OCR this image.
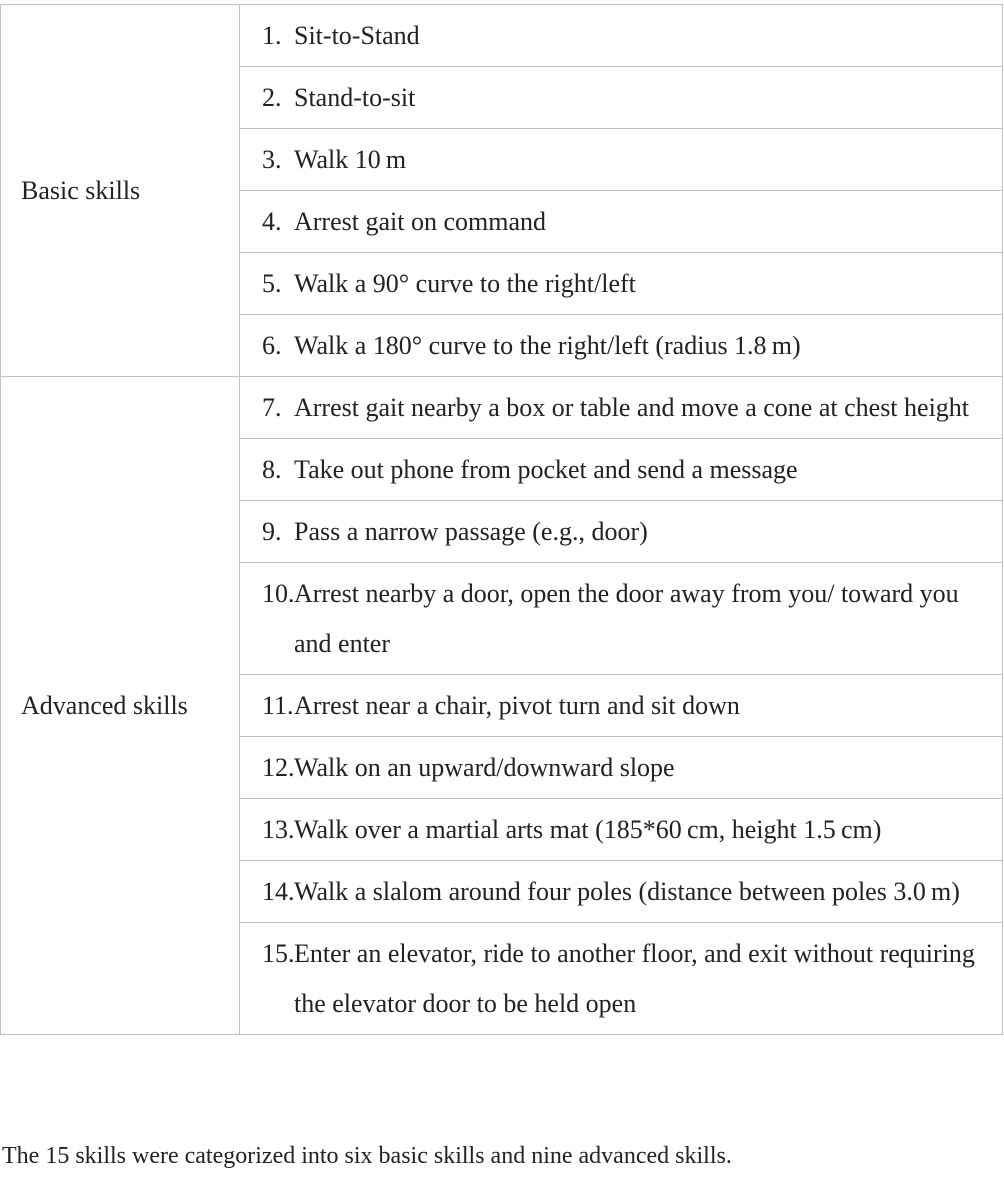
Basic skills	1. Sit-to-Stand

	2. Stand-to-sit

	3. Walk 10 m

	4. Arrest gait on command

	5. Walk a 90° curve to the right/left

	6. Walk a 180° curve to the right/left (radius 1.8 m)

Advanced skills	7. Arrest gait nearby a box or table and move a cone at chest height

	8. Take out phone from pocket and send a message

	9. Pass a narrow passage (e.g., door)

	10. Arrest nearby a door, open the door away from you/ toward you and enter

	11. Arrest near a chair, pivot turn and sit down

	12. Walk on an upward/downward slope

	13. Walk over a martial arts mat (185*60 cm, height 1.5 cm)

	14. Walk a slalom around four poles (distance between poles 3.0 m)

	15. Enter an elevator, ride to another floor, and exit without requiring the elevator door to be held open
The 15 skills were categorized into six basic skills and nine advanced skills.
